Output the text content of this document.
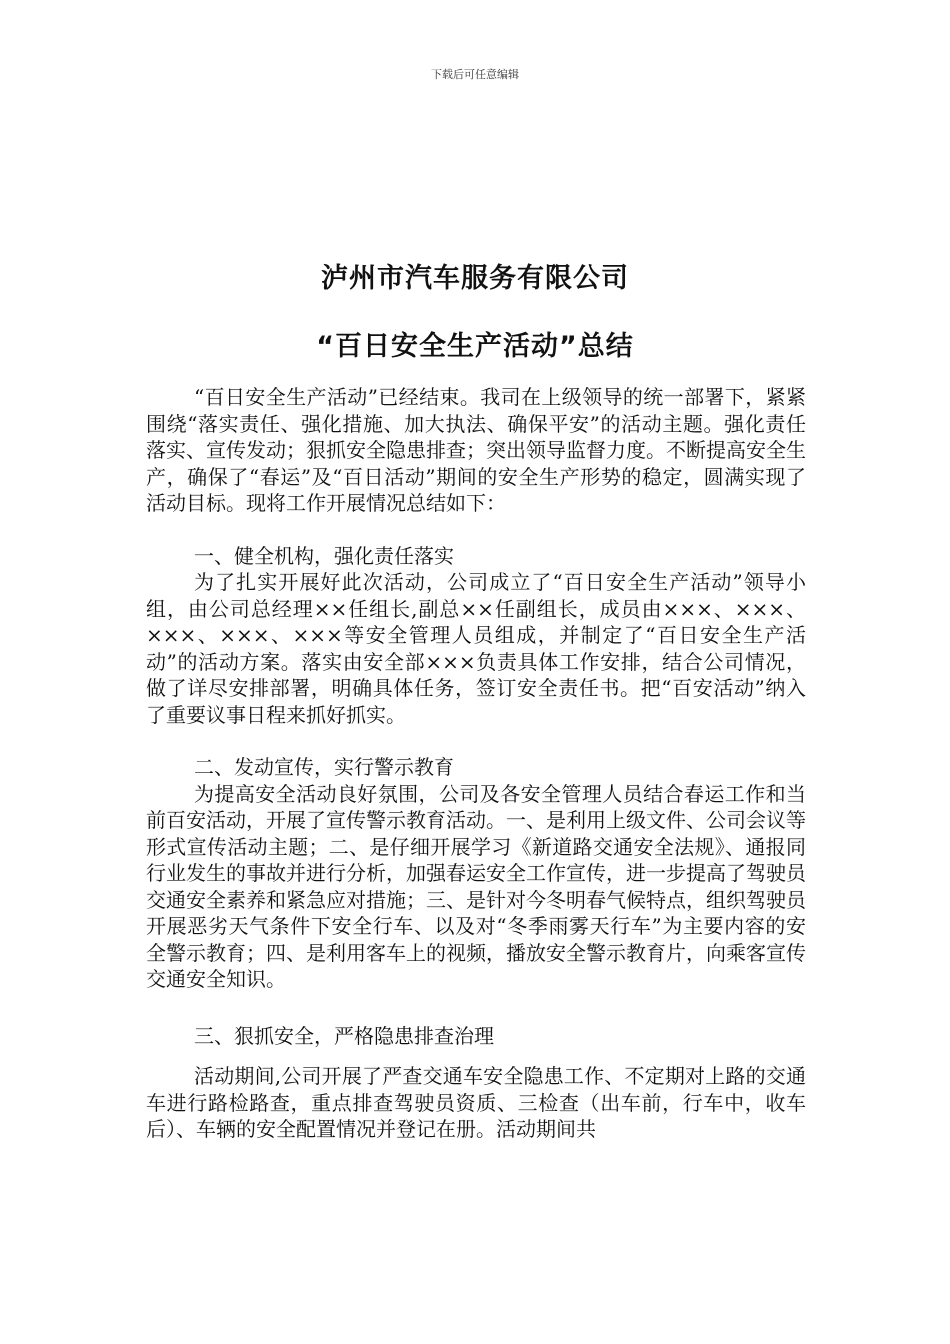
下载后可任意编辑
泸州市汽车服务有限公司
“百日安全生产活动”总结

“百日安全生产活动”已经结束。我司在上级领导的统一部署下，紧紧围绕“落实责任、强化措施、加大执法、确保平安”的活动主题。强化责任落实、宣传发动；狠抓安全隐患排查；突出领导监督力度。不断提高安全生产，确保了“春运”及“百日活动”期间的安全生产形势的稳定，圆满实现了活动目标。现将工作开展情况总结如下：

一、健全机构，强化责任落实

为了扎实开展好此次活动，公司成立了“百日安全生产活动”领导小组，由公司总经理××任组长,副总××任副组长，成员由×××、×××、×××、×××、×××等安全管理人员组成，并制定了“百日安全生产活动”的活动方案。落实由安全部×××负责具体工作安排，结合公司情况，做了详尽安排部署，明确具体任务，签订安全责任书。把“百安活动”纳入了重要议事日程来抓好抓实。

二、发动宣传，实行警示教育

为提高安全活动良好氛围，公司及各安全管理人员结合春运工作和当前百安活动，开展了宣传警示教育活动。一、是利用上级文件、公司会议等形式宣传活动主题；二、是仔细开展学习《新道路交通安全法规》、通报同行业发生的事故并进行分析，加强春运安全工作宣传，进一步提高了驾驶员交通安全素养和紧急应对措施；三、是针对今冬明春气候特点，组织驾驶员开展恶劣天气条件下安全行车、以及对“冬季雨雾天行车”为主要内容的安全警示教育；四、是利用客车上的视频，播放安全警示教育片，向乘客宣传交通安全知识。

三、狠抓安全，严格隐患排查治理

活动期间,公司开展了严查交通车安全隐患工作、不定期对上路的交通车进行路检路查，重点排查驾驶员资质、三检查（出车前，行车中，收车后）、车辆的安全配置情况并登记在册。活动期间共
